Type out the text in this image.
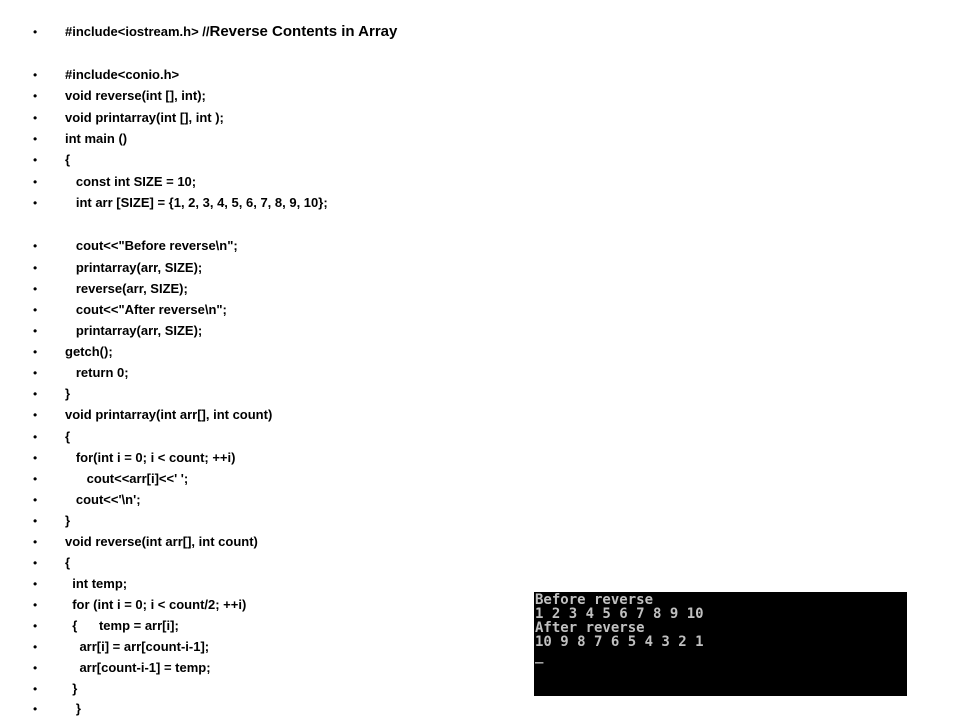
• #include<iostream.h> //Reverse Contents in Array
• #include<conio.h>
• void reverse(int [], int);
• void printarray(int [], int );
• int main ()
• {
• const int SIZE = 10;
• int arr [SIZE] = {1, 2, 3, 4, 5, 6, 7, 8, 9, 10};
• cout<<"Before reverse\n";
• printarray(arr, SIZE);
• reverse(arr, SIZE);
• cout<<"After reverse\n";
• printarray(arr, SIZE);
• getch();
• return 0;
• }
• void printarray(int arr[], int count)
• {
• for(int i = 0; i < count; ++i)
• cout<<arr[i]<<' ';
• cout<<'\n';
• }
• void reverse(int arr[], int count)
• {
• int temp;
• for (int i = 0; i < count/2; ++i)
• {      temp = arr[i];
• arr[i] = arr[count-i-1];
• arr[count-i-1] = temp;
• }
• }
Before reverse
1 2 3 4 5 6 7 8 9 10
After reverse
10 9 8 7 6 5 4 3 2 1
_
